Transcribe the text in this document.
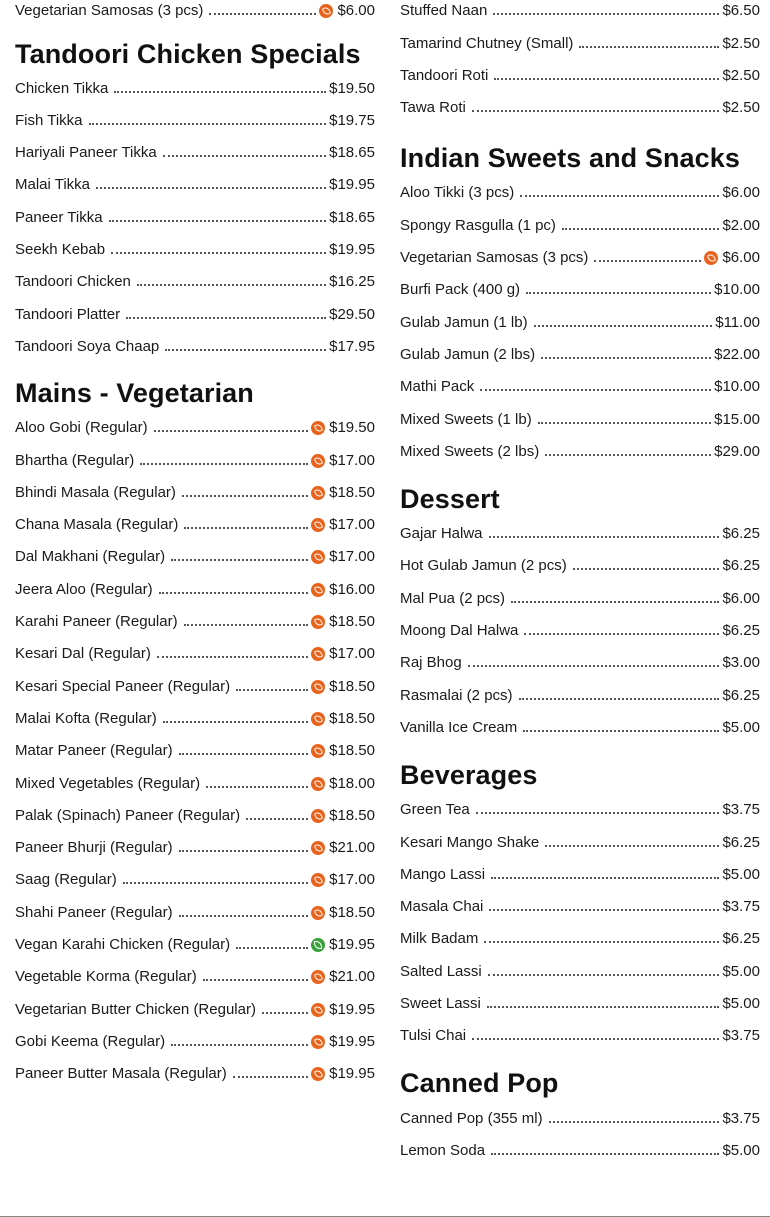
Vegetarian Samosas (3 pcs)	$6.00
Tandoori Chicken Specials
Chicken Tikka	$19.50
Fish Tikka	$19.75
Hariyali Paneer Tikka	$18.65
Malai Tikka	$19.95
Paneer Tikka	$18.65
Seekh Kebab	$19.95
Tandoori Chicken	$16.25
Tandoori Platter	$29.50
Tandoori Soya Chaap	$17.95
Mains - Vegetarian
Aloo Gobi (Regular)	$19.50
Bhartha (Regular)	$17.00
Bhindi Masala (Regular)	$18.50
Chana Masala (Regular)	$17.00
Dal Makhani (Regular)	$17.00
Jeera Aloo (Regular)	$16.00
Karahi Paneer (Regular)	$18.50
Kesari Dal (Regular)	$17.00
Kesari Special Paneer (Regular)	$18.50
Malai Kofta (Regular)	$18.50
Matar Paneer (Regular)	$18.50
Mixed Vegetables (Regular)	$18.00
Palak (Spinach) Paneer (Regular)	$18.50
Paneer Bhurji (Regular)	$21.00
Saag (Regular)	$17.00
Shahi Paneer (Regular)	$18.50
Vegan Karahi Chicken (Regular)	$19.95
Vegetable Korma (Regular)	$21.00
Vegetarian Butter Chicken (Regular)	$19.95
Gobi Keema (Regular)	$19.95
Paneer Butter Masala (Regular)	$19.95
Stuffed Naan	$6.50
Tamarind Chutney (Small)	$2.50
Tandoori Roti	$2.50
Tawa Roti	$2.50
Indian Sweets and Snacks
Aloo Tikki (3 pcs)	$6.00
Spongy Rasgulla (1 pc)	$2.00
Vegetarian Samosas (3 pcs)	$6.00
Burfi Pack (400 g)	$10.00
Gulab Jamun (1 lb)	$11.00
Gulab Jamun (2 lbs)	$22.00
Mathi Pack	$10.00
Mixed Sweets (1 lb)	$15.00
Mixed Sweets (2 lbs)	$29.00
Dessert
Gajar Halwa	$6.25
Hot Gulab Jamun (2 pcs)	$6.25
Mal Pua (2 pcs)	$6.00
Moong Dal Halwa	$6.25
Raj Bhog	$3.00
Rasmalai (2 pcs)	$6.25
Vanilla Ice Cream	$5.00
Beverages
Green Tea	$3.75
Kesari Mango Shake	$6.25
Mango Lassi	$5.00
Masala Chai	$3.75
Milk Badam	$6.25
Salted Lassi	$5.00
Sweet Lassi	$5.00
Tulsi Chai	$3.75
Canned Pop
Canned Pop (355 ml)	$3.75
Lemon Soda	$5.00
